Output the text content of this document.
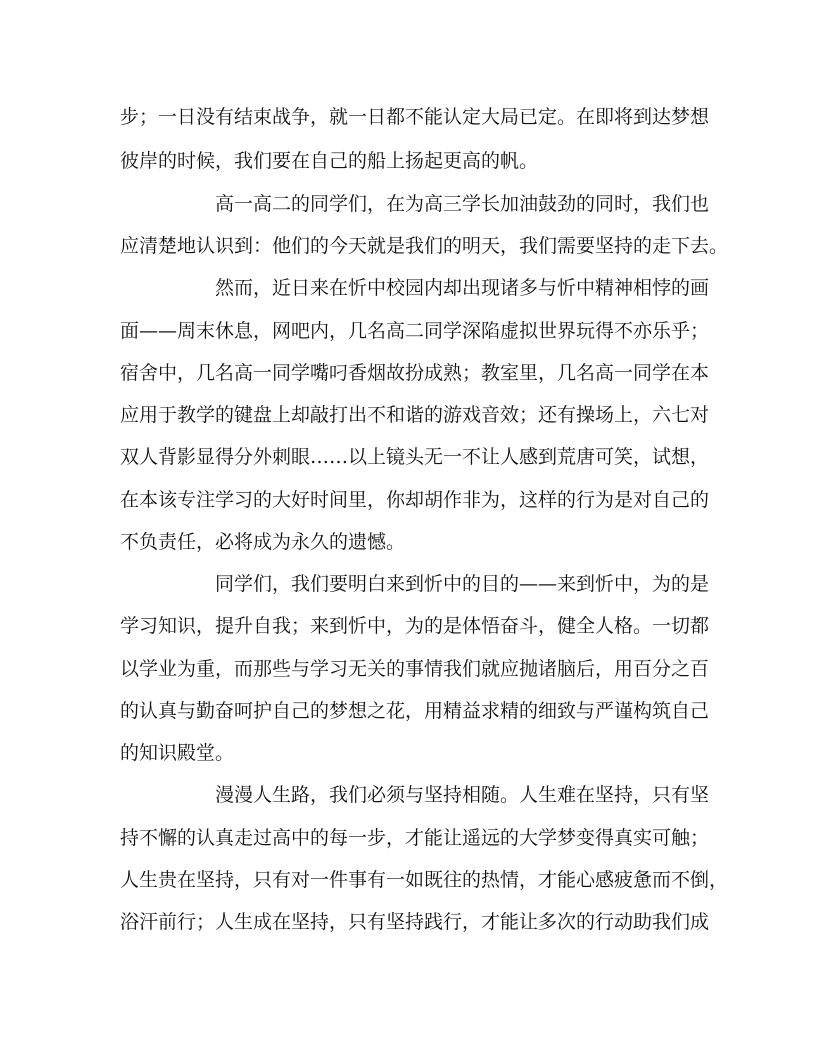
步；一日没有结束战争，就一日都不能认定大局已定。在即将到达梦想
彼岸的时候，我们要在自己的船上扬起更高的帆。
高一高二的同学们，在为高三学长加油鼓劲的同时，我们也
应清楚地认识到：他们的今天就是我们的明天，我们需要坚持的走下去。
然而，近日来在忻中校园内却出现诸多与忻中精神相悖的画
面——周末休息，网吧内，几名高二同学深陷虚拟世界玩得不亦乐乎；
宿舍中，几名高一同学嘴叼香烟故扮成熟；教室里，几名高一同学在本
应用于教学的键盘上却敲打出不和谐的游戏音效；还有操场上，六七对
双人背影显得分外刺眼……以上镜头无一不让人感到荒唐可笑，试想，
在本该专注学习的大好时间里，你却胡作非为，这样的行为是对自己的
不负责任，必将成为永久的遗憾。
同学们，我们要明白来到忻中的目的——来到忻中，为的是
学习知识，提升自我；来到忻中，为的是体悟奋斗，健全人格。一切都
以学业为重，而那些与学习无关的事情我们就应抛诸脑后，用百分之百
的认真与勤奋呵护自己的梦想之花，用精益求精的细致与严谨构筑自己
的知识殿堂。
漫漫人生路，我们必须与坚持相随。人生难在坚持，只有坚
持不懈的认真走过高中的每一步，才能让遥远的大学梦变得真实可触；
人生贵在坚持，只有对一件事有一如既往的热情，才能心感疲惫而不倒，
浴汗前行；人生成在坚持，只有坚持践行，才能让多次的行动助我们成
